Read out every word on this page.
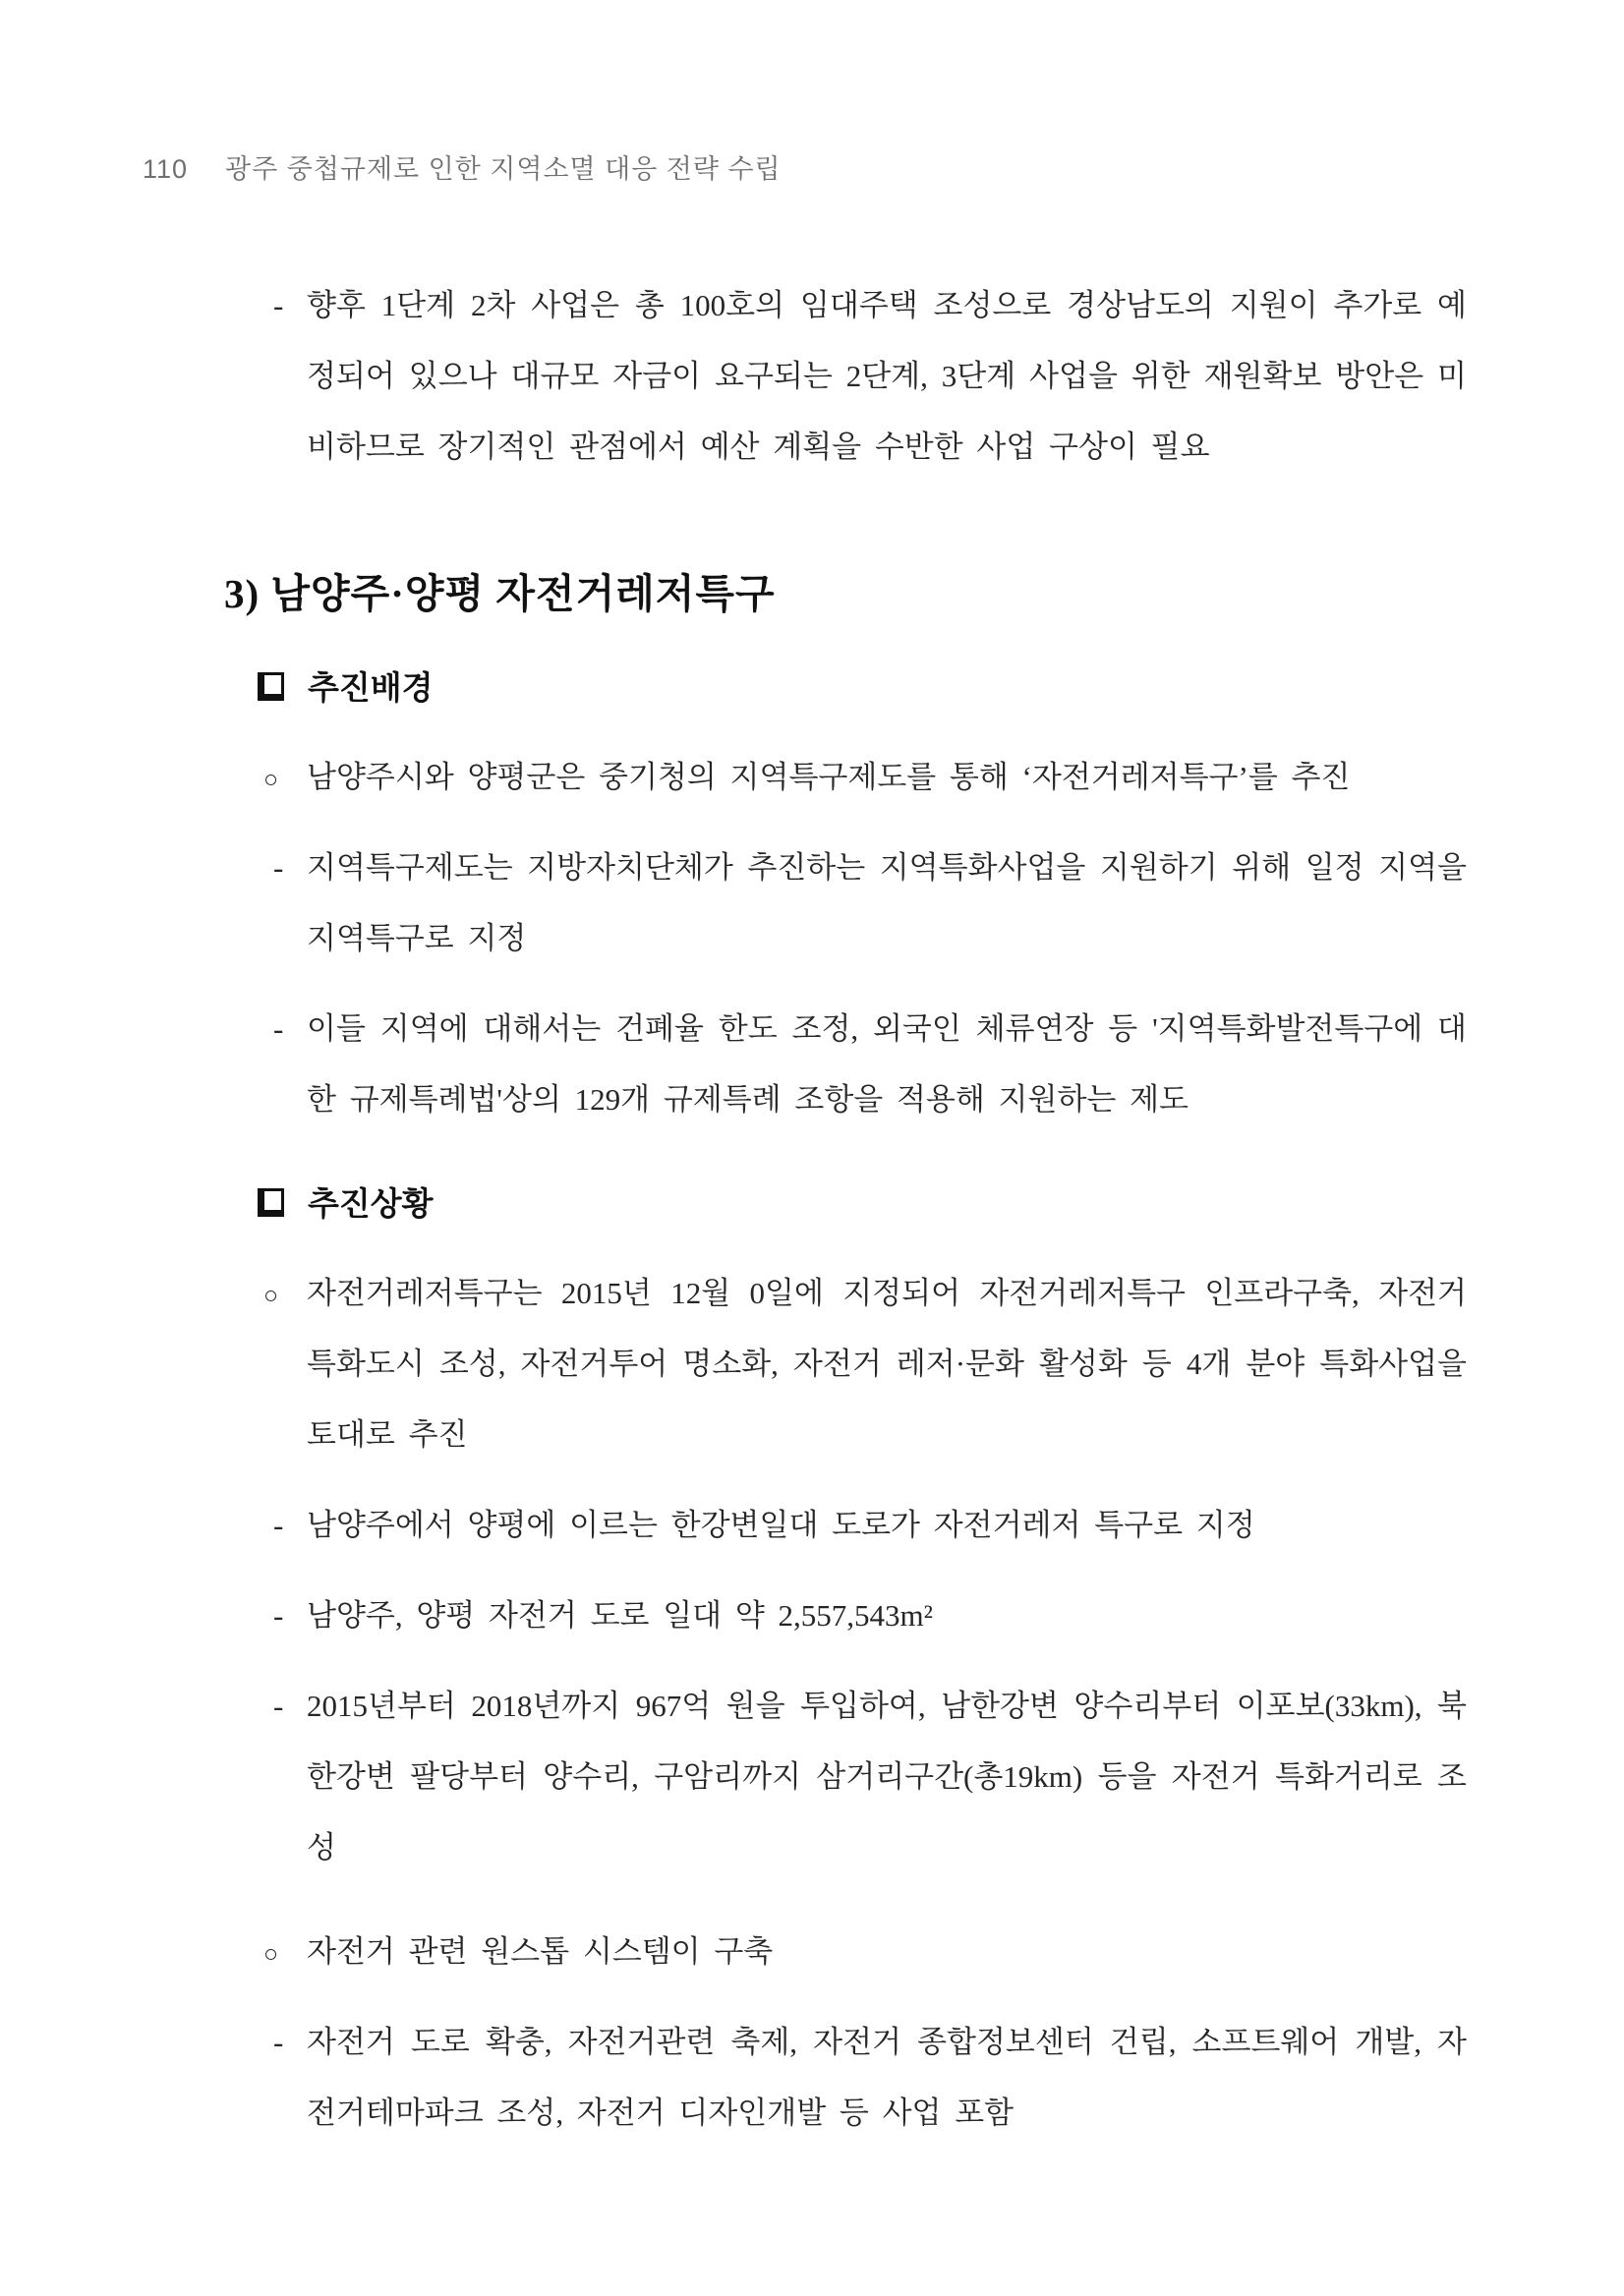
110 광주 중첩규제로 인한 지역소멸 대응 전략 수립
- 향후 1단계 2차 사업은 총 100호의 임대주택 조성으로 경상남도의 지원이 추가로 예정되어 있으나 대규모 자금이 요구되는 2단계, 3단계 사업을 위한 재원확보 방안은 미비하므로 장기적인 관점에서 예산 계획을 수반한 사업 구상이 필요
3) 남양주·양평 자전거레저특구
추진배경
○ 남양주시와 양평군은 중기청의 지역특구제도를 통해 ‘자전거레저특구’를 추진
- 지역특구제도는 지방자치단체가 추진하는 지역특화사업을 지원하기 위해 일정 지역을 지역특구로 지정
- 이들 지역에 대해서는 건폐율 한도 조정, 외국인 체류연장 등 '지역특화발전특구에 대한 규제특례법'상의 129개 규제특례 조항을 적용해 지원하는 제도
추진상황
○ 자전거레저특구는 2015년 12월 0일에 지정되어 자전거레저특구 인프라구축, 자전거 특화도시 조성, 자전거투어 명소화, 자전거 레저·문화 활성화 등 4개 분야 특화사업을 토대로 추진
- 남양주에서 양평에 이르는 한강변일대 도로가 자전거레저 특구로 지정
- 남양주, 양평 자전거 도로 일대 약 2,557,543m²
- 2015년부터 2018년까지 967억 원을 투입하여, 남한강변 양수리부터 이포보(33km), 북한강변 팔당부터 양수리, 구암리까지 삼거리구간(총19km) 등을 자전거 특화거리로 조성
○ 자전거 관련 원스톱 시스템이 구축
- 자전거 도로 확충, 자전거관련 축제, 자전거 종합정보센터 건립, 소프트웨어 개발, 자전거테마파크 조성, 자전거 디자인개발 등 사업 포함
